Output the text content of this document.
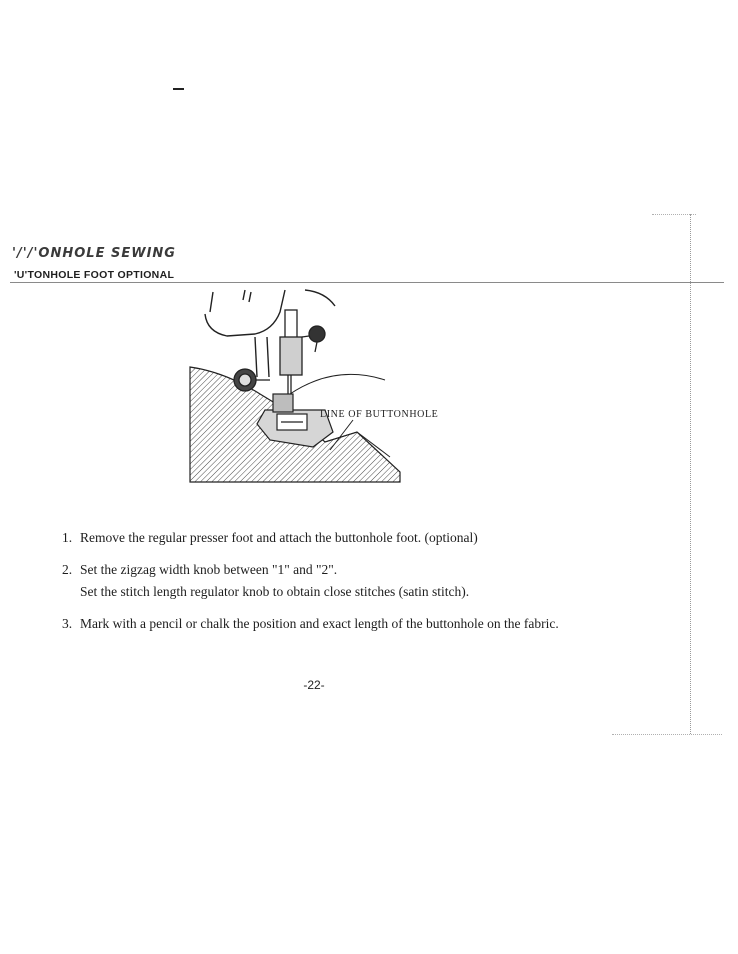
'/'/'ONHOLE SEWING
'U'TONHOLE FOOT OPTIONAL
LINE OF BUTTONHOLE
1. Remove the regular presser foot and attach the buttonhole foot. (optional)
2. Set the zigzag width knob between "1" and "2".
Set the stitch length regulator knob to obtain close stitches (satin stitch).
3. Mark with a pencil or chalk the position and exact length of the buttonhole on the fabric.
-22-
